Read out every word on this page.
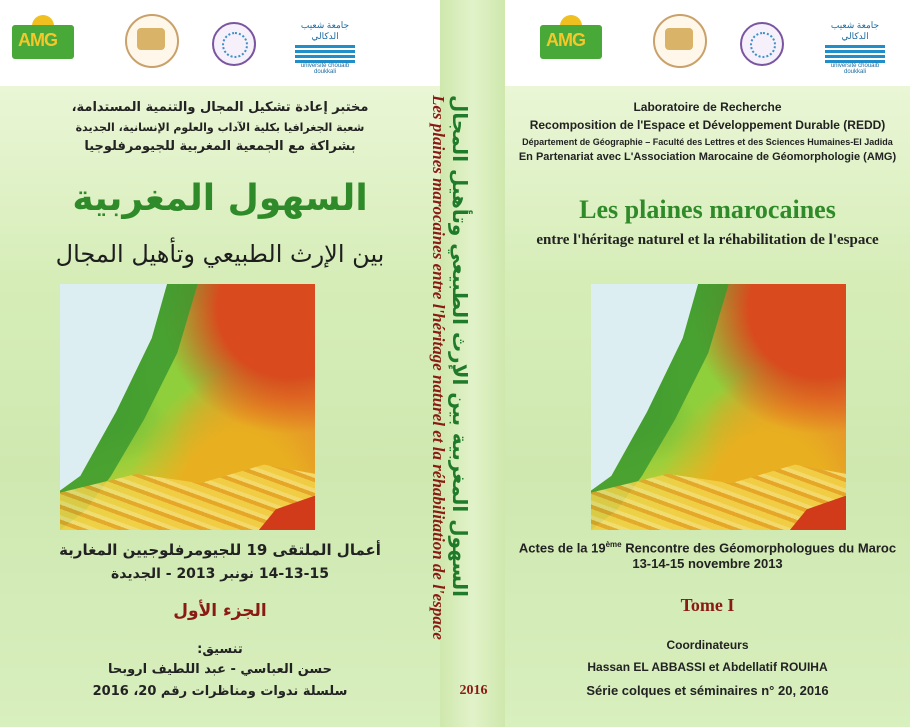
AMG
جامعة شعيب الدكالي
université chouaib doukkali
AMG
جامعة شعيب الدكالي
université chouaib doukkali
مختبر إعادة تشكيل المجال والتنمية المستدامة،
شعبة الجغرافيا بكلية الآداب والعلوم الإنسانية، الجديدة
بشراكة مع الجمعية المغربية للجيومرفلوجيا
السهول المغربية
بين الإرث الطبيعي وتأهيل المجال
أعمال الملتقى 19 للجيومرفلوجيين المغاربة
14-13-15 نونبر 2013 - الجديدة
الجزء الأول
تنسيق:
حسن العباسي - عبد اللطيف اروبحا
سلسلة ندوات ومناظرات رقم 20، 2016
السهول المغربية بين الإرث الطبيعي وتأهيل المجال
Les plaines marocaines entre l'héritage naturel et la réhabilitation de l'espace
2016
Laboratoire de Recherche
Recomposition de l'Espace et Développement Durable (REDD)
Département de Géographie – Faculté des Lettres et des Sciences Humaines-El Jadida
En Partenariat avec L'Association Marocaine de Géomorphologie (AMG)
Les plaines marocaines
entre l'héritage naturel et la réhabilitation de l'espace
Actes de la 19ème Rencontre des Géomorphologues du Maroc
13-14-15 novembre 2013
Tome I
Coordinateurs
Hassan EL ABBASSI et Abdellatif ROUIHA
Série colques et séminaires n° 20, 2016
